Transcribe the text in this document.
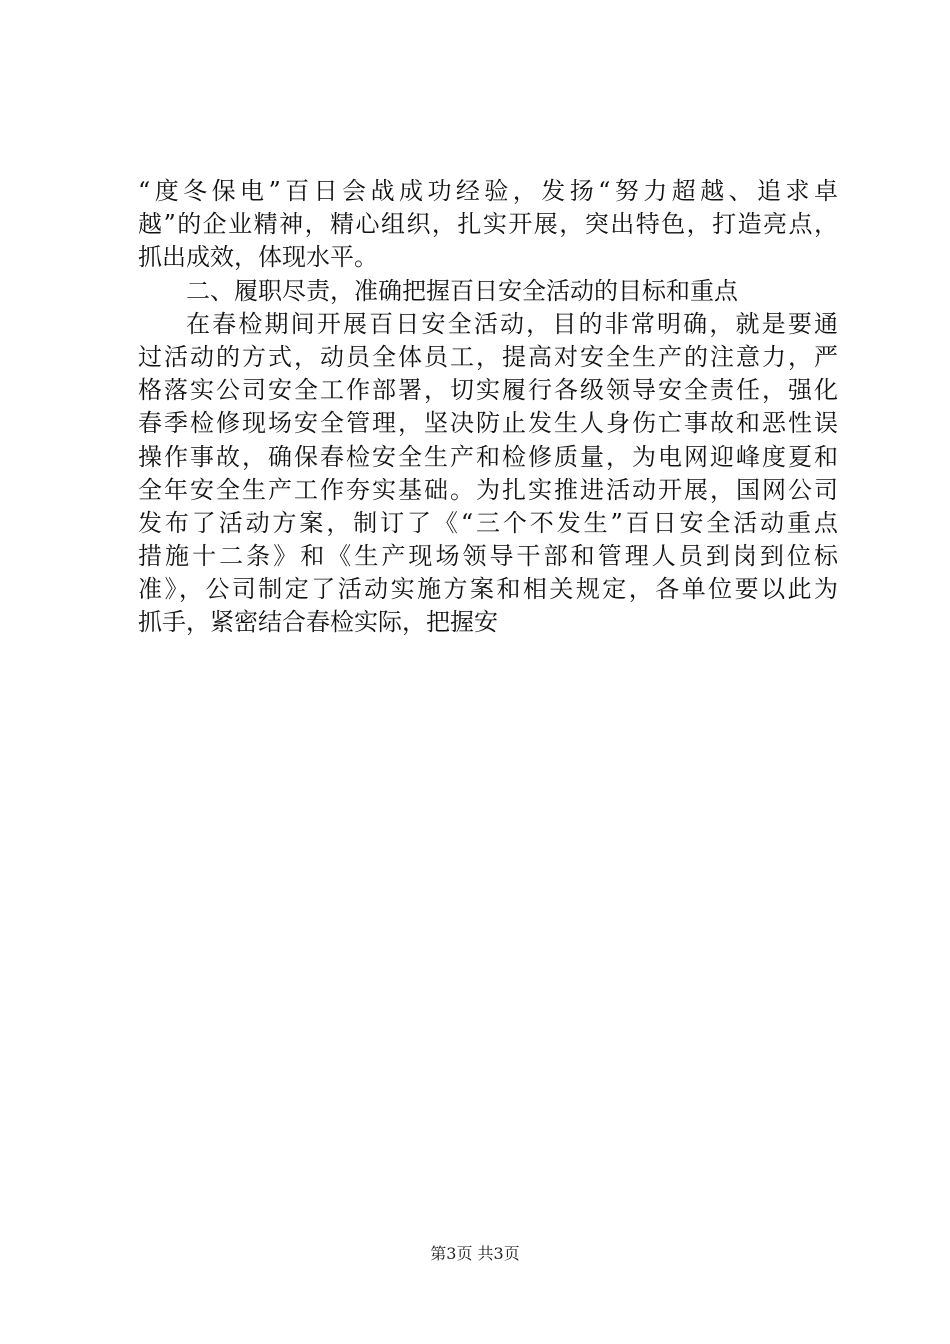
“度冬保电”百日会战成功经验，发扬“努力超越、追求卓
越”的企业精神，精心组织，扎实开展，突出特色，打造亮点，
抓出成效，体现水平。
二、履职尽责，准确把握百日安全活动的目标和重点
在春检期间开展百日安全活动，目的非常明确，就是要通
过活动的方式，动员全体员工，提高对安全生产的注意力，严
格落实公司安全工作部署，切实履行各级领导安全责任，强化
春季检修现场安全管理，坚决防止发生人身伤亡事故和恶性误
操作事故，确保春检安全生产和检修质量，为电网迎峰度夏和
全年安全生产工作夯实基础。为扎实推进活动开展，国网公司
发布了活动方案，制订了《“三个不发生”百日安全活动重点
措施十二条》和《生产现场领导干部和管理人员到岗到位标
准》，公司制定了活动实施方案和相关规定，各单位要以此为
抓手，紧密结合春检实际，把握安
第3页 共3页
